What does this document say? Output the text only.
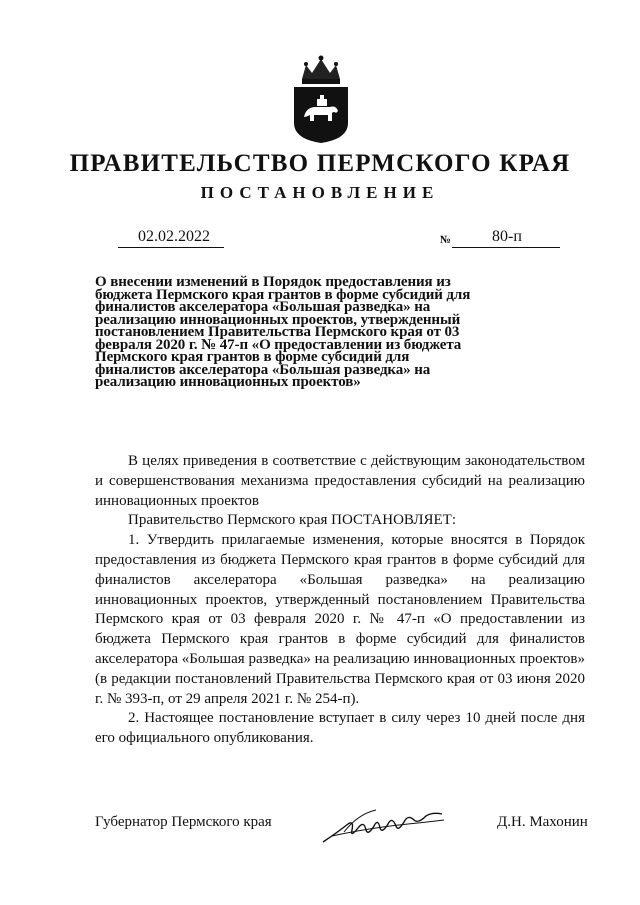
ПРАВИТЕЛЬСТВО ПЕРМСКОГО КРАЯ
ПОСТАНОВЛЕНИЕ
02.02.2022	№	80-п
О внесении изменений в Порядок предоставления из бюджета Пермского края грантов в форме субсидий для финалистов акселератора «Большая разведка» на реализацию инновационных проектов, утвержденный постановлением Правительства Пермского края от 03 февраля 2020 г. № 47-п «О предоставлении из бюджета Пермского края грантов в форме субсидий для финалистов акселератора «Большая разведка» на реализацию инновационных проектов»

В целях приведения в соответствие с действующим законодательством и совершенствования механизма предоставления субсидий на реализацию инновационных проектов

Правительство Пермского края ПОСТАНОВЛЯЕТ:

1. Утвердить прилагаемые изменения, которые вносятся в Порядок предоставления из бюджета Пермского края грантов в форме субсидий для финалистов акселератора «Большая разведка» на реализацию инновационных проектов, утвержденный постановлением Правительства Пермского края от 03 февраля 2020 г. № 47-п «О предоставлении из бюджета Пермского края грантов в форме субсидий для финалистов акселератора «Большая разведка» на реализацию инновационных проектов» (в редакции постановлений Правительства Пермского края от 03 июня 2020 г. № 393-п, от 29 апреля 2021 г. № 254-п).

2. Настоящее постановление вступает в силу через 10 дней после дня его официального опубликования.

Губернатор Пермского края	Д.Н. Махонин
